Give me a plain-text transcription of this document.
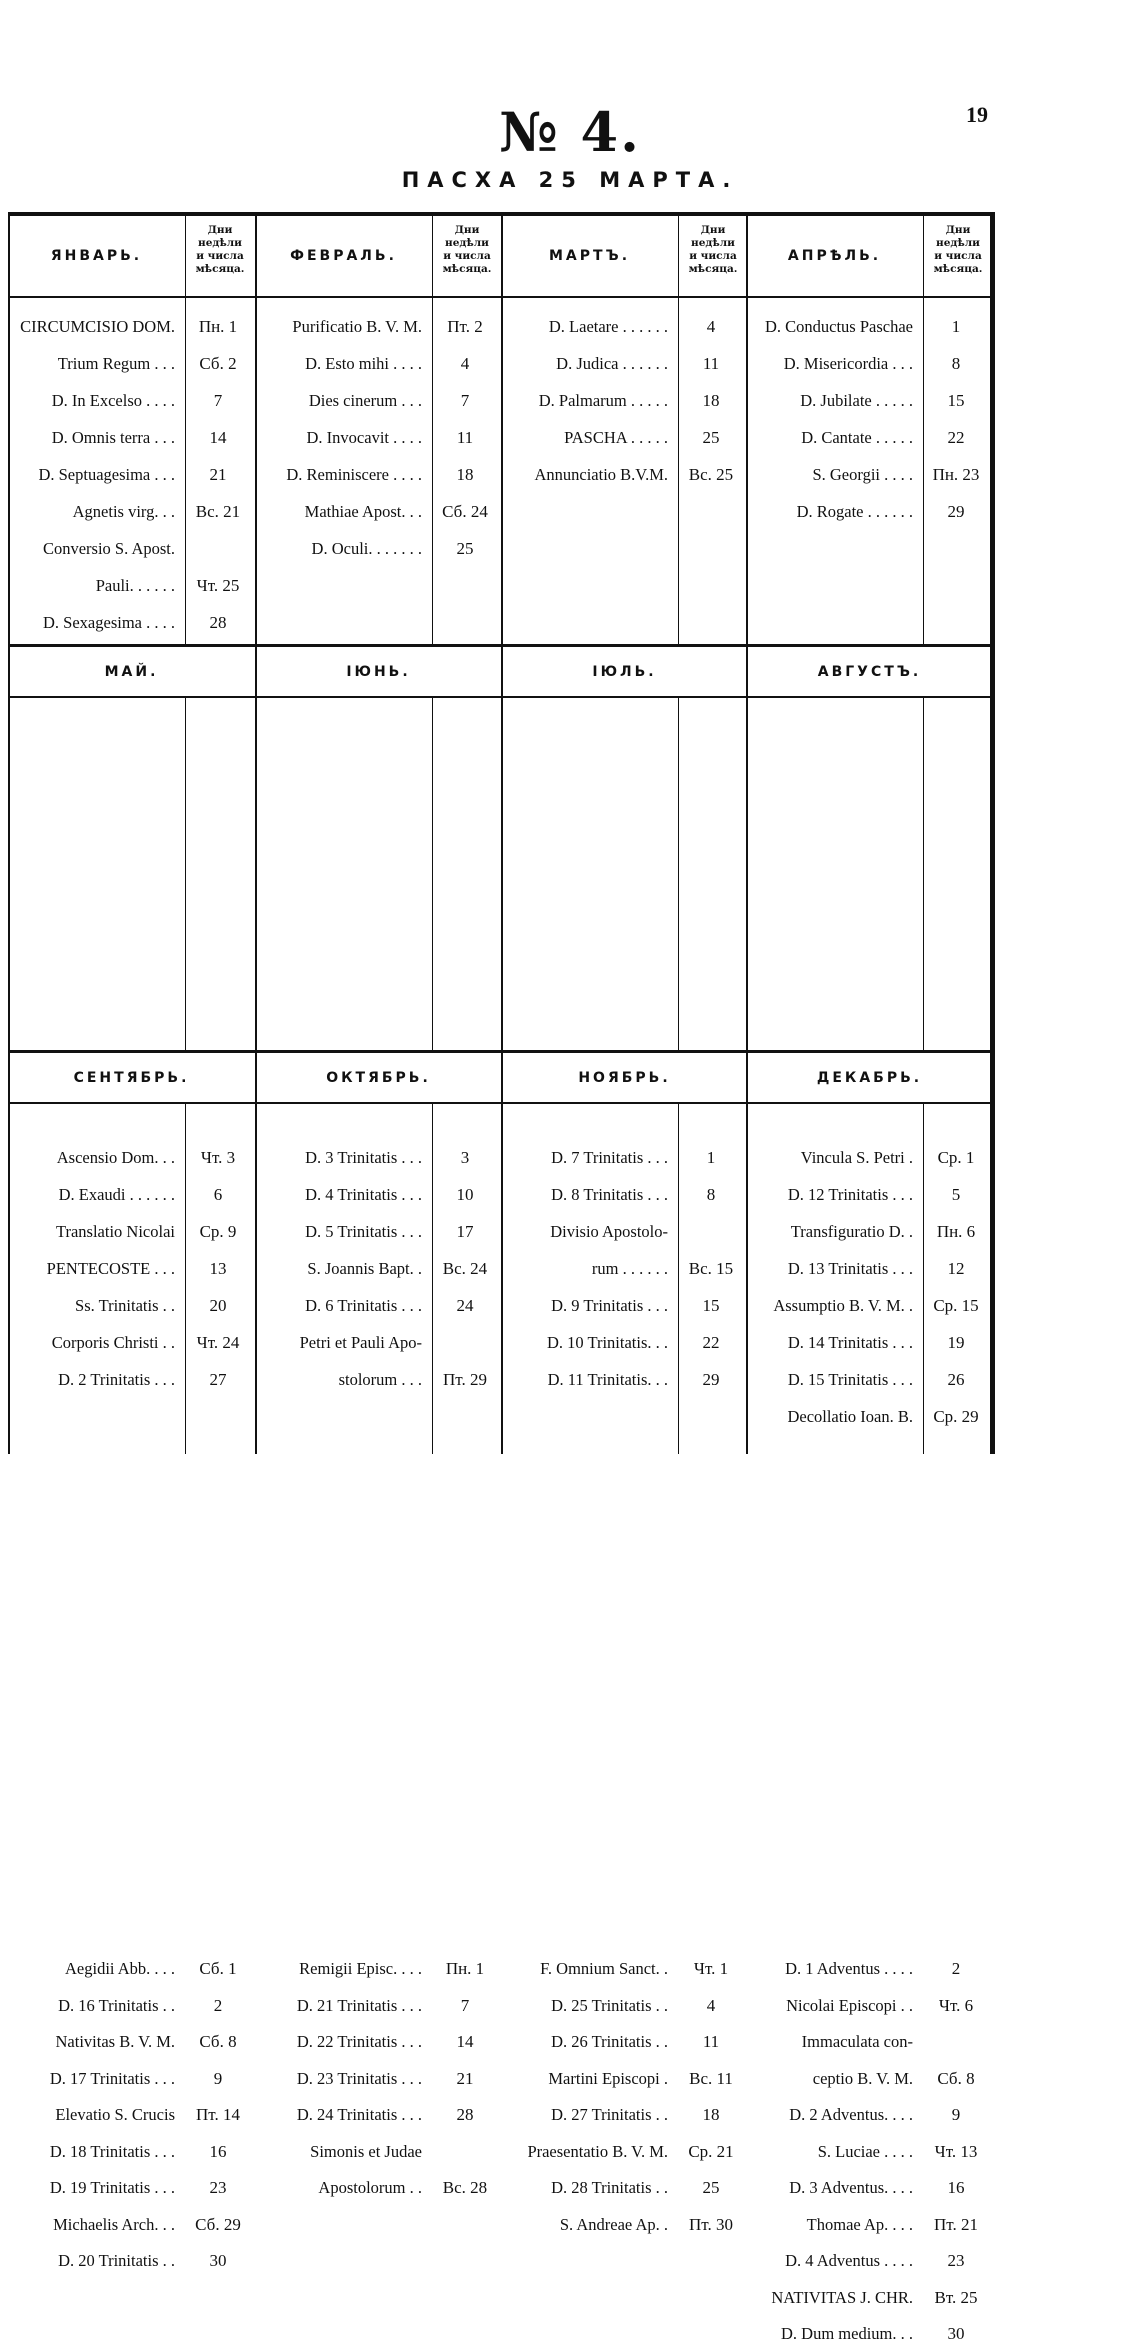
19
№ 4.
ПАСХА 25 МАРТА.
ЯНВАРЬ.
Дни
недѣли
и числа
мѣсяца.
CIRCUMCISIO DOM.	Пн. 1
Trium Regum . . .	Сб. 2
D. In Excelso . . . .	7
D. Omnis terra . . .	14
D. Septuagesima . . .	21
Agnetis virg. . .	Вс. 21
Conversio S. Apost.
Pauli. . . . . .	Чт. 25
D. Sexagesima . . . .	28
ФЕВРАЛЬ.
Дни
недѣли
и числа
мѣсяца.
Purificatio B. V. M.	Пт. 2
D. Esto mihi . . . .	4
Dies cinerum . . .	7
D. Invocavit . . . .	11
D. Reminiscere . . . .	18
Mathiae Apost. . .	Сб. 24
D. Oculi. . . . . . .	25
МАРТЪ.
Дни
недѣли
и числа
мѣсяца.
D. Laetare . . . . . .	4
D. Judica . . . . . .	11
D. Palmarum . . . . .	18
PASCHA . . . . .	25
Annunciatio B.V.M.	Вс. 25
АПРѢЛЬ.
Дни
недѣли
и числа
мѣсяца.
D. Conductus Paschae	1
D. Misericordia . . .	8
D. Jubilate . . . . .	15
D. Cantate . . . . .	22
S. Georgii . . . .	Пн. 23
D. Rogate . . . . . .	29
МАЙ.
Ascensio Dom. . .	Чт. 3
D. Exaudi . . . . . .	6
Translatio Nicolai	Ср. 9
PENTECOSTE . . .	13
Ss. Trinitatis . .	20
Corporis Christi . .	Чт. 24
D. 2 Trinitatis . . .	27
ІЮНЬ.
D. 3 Trinitatis . . .	3
D. 4 Trinitatis . . .	10
D. 5 Trinitatis . . .	17
S. Joannis Bapt. .	Вс. 24
D. 6 Trinitatis . . .	24
Petri et Pauli Apo-
stolorum . . .	Пт. 29
ІЮЛЬ.
D. 7 Trinitatis . . .	1
D. 8 Trinitatis . . .	8
Divisio Apostolo-
rum . . . . . .	Вс. 15
D. 9 Trinitatis . . .	15
D. 10 Trinitatis. . .	22
D. 11 Trinitatis. . .	29
АВГУСТЪ.
Vincula S. Petri .	Ср. 1
D. 12 Trinitatis . . .	5
Transfiguratio D. .	Пн. 6
D. 13 Trinitatis . . .	12
Assumptio B. V. M. .	Ср. 15
D. 14 Trinitatis . . .	19
D. 15 Trinitatis . . .	26
Decollatio Ioan. B.	Ср. 29
СЕНТЯБРЬ.
Aegidii Abb. . . .	Сб. 1
D. 16 Trinitatis . .	2
Nativitas B. V. M.	Сб. 8
D. 17 Trinitatis . . .	9
Elevatio S. Crucis	Пт. 14
D. 18 Trinitatis . . .	16
D. 19 Trinitatis . . .	23
Michaelis Arch. . .	Сб. 29
D. 20 Trinitatis . .	30
ОКТЯБРЬ.
Remigii Episc. . . .	Пн. 1
D. 21 Trinitatis . . .	7
D. 22 Trinitatis . . .	14
D. 23 Trinitatis . . .	21
D. 24 Trinitatis . . .	28
Simonis et Judae
Apostolorum . .	Вс. 28
НОЯБРЬ.
F. Omnium Sanct. .	Чт. 1
D. 25 Trinitatis . .	4
D. 26 Trinitatis . .	11
Martini Episcopi .	Вс. 11
D. 27 Trinitatis . .	18
Praesentatio B. V. M.	Ср. 21
D. 28 Trinitatis . .	25
S. Andreae Ap. .	Пт. 30
ДЕКАБРЬ.
D. 1 Adventus . . . .	2
Nicolai Episcopi . .	Чт. 6
Immaculata con-
ceptio B. V. M.	Сб. 8
D. 2 Adventus. . . .	9
S. Luciae . . . .	Чт. 13
D. 3 Adventus. . . .	16
Thomae Ap. . . .	Пт. 21
D. 4 Adventus . . . .	23
NATIVITAS J. CHR.	Вт. 25
D. Dum medium. . .	30
